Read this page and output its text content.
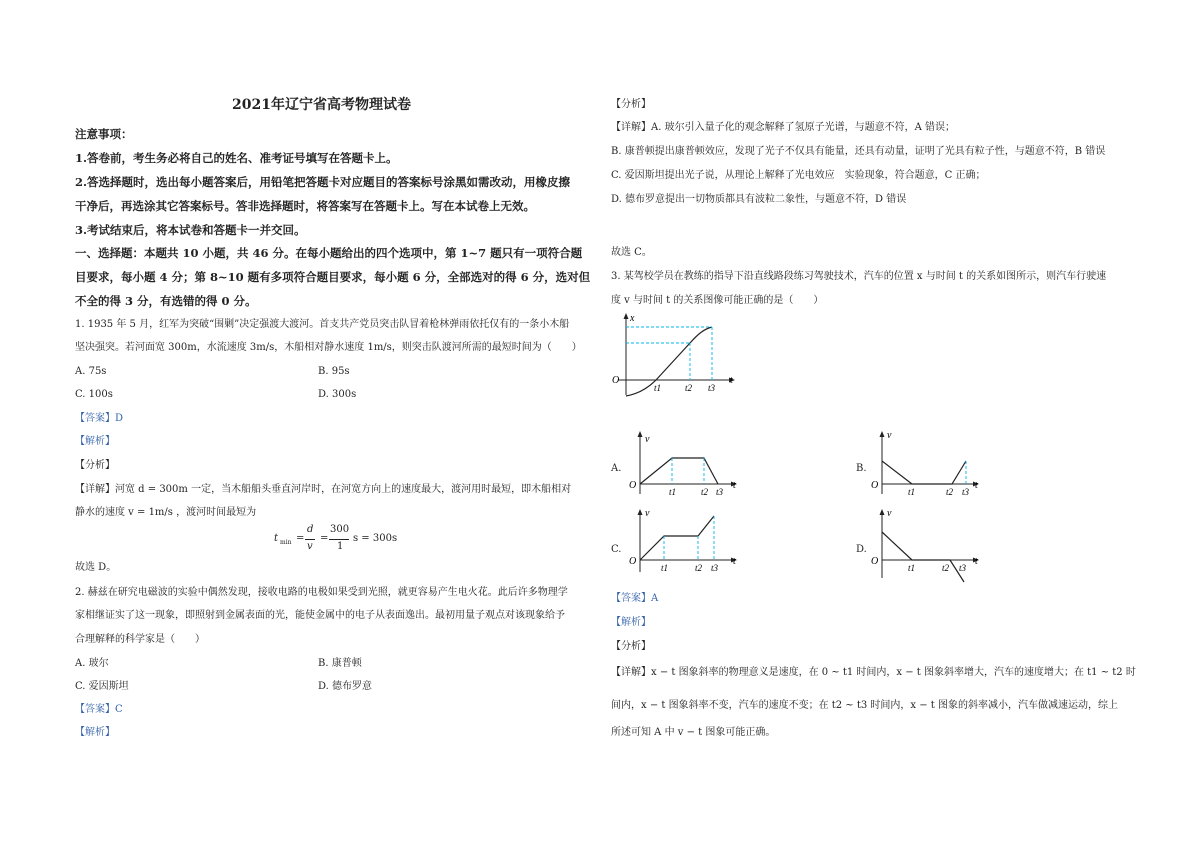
2021年辽宁省高考物理试卷
注意事项：
1.答卷前，考生务必将自己的姓名、准考证号填写在答题卡上。
2.答选择题时，选出每小题答案后，用铅笔把答题卡对应题目的答案标号涂黑如需改动，用橡皮擦
干净后，再选涂其它答案标号。答非选择题时，将答案写在答题卡上。写在本试卷上无效。
3.考试结束后，将本试卷和答题卡一并交回。
一、选择题：本题共 10 小题，共 46 分。在每小题给出的四个选项中，第 1~7 题只有一项符合题
目要求，每小题 4 分；第 8~10 题有多项符合题目要求，每小题 6 分，全部选对的得 6 分，选对但
不全的得 3 分，有选错的得 0 分。
1. 1935 年 5 月，红军为突破“围剿”决定强渡大渡河。首支共产党员突击队冒着枪林弹雨依托仅有的一条小木船
坚决强突。若河面宽 300m，水流速度 3m/s，木船相对静水速度 1m/s，则突击队渡河所需的最短时间为（　　）
A. 75s	B. 95s
C. 100s	D. 300s
【答案】D
【解析】
【分析】
【详解】河宽 d = 300m 一定，当木船船头垂直河岸时，在河宽方向上的速度最大，渡河用时最短，即木船相对
静水的速度 v = 1m/s ，渡河时间最短为
t min =
d
v
=
300
1
s = 300s
故选 D。
2. 赫兹在研究电磁波的实验中偶然发现，接收电路的电极如果受到光照，就更容易产生电火花。此后许多物理学
家相继证实了这一现象，即照射到金属表面的光，能使金属中的电子从表面逸出。最初用量子观点对该现象给予
合理解释的科学家是（　　）
A. 玻尔	B. 康普顿
C. 爱因斯坦	D. 德布罗意
【答案】C
【解析】
【分析】
【详解】A. 玻尔引入量子化的观念解释了氢原子光谱，与题意不符，A 错误；
B. 康普顿提出康普顿效应，发现了光子不仅具有能量，还具有动量，证明了光具有粒子性，与题意不符，B 错误
C. 爱因斯坦提出光子说，从理论上解释了光电效应　实验现象，符合题意，C 正确；
D. 德布罗意提出一切物质都具有波粒二象性，与题意不符，D 错误
故选 C。
3. 某驾校学员在教练的指导下沿直线路段练习驾驶技术，汽车的位置 x 与时间 t 的关系如图所示，则汽车行驶速
度 v 与时间 t 的关系图像可能正确的是（　　）
x
O	t
t1	t2 t3
A.
v
O	t
t1	t2 t3
B.
v
O	t
t1	t2 t3
C.
v
O	t
t1	t2 t3
D.
v
O	t
t1	t2 t3
【答案】A
【解析】
【分析】
【详解】x − t 图象斜率的物理意义是速度，在 0 ~ t1 时间内，x − t 图象斜率增大，汽车的速度增大；在 t1 ~ t2 时
间内，x − t 图象斜率不变，汽车的速度不变；在 t2 ~ t3 时间内，x − t 图象的斜率减小，汽车做减速运动，综上
所述可知 A 中 v − t 图象可能正确。
